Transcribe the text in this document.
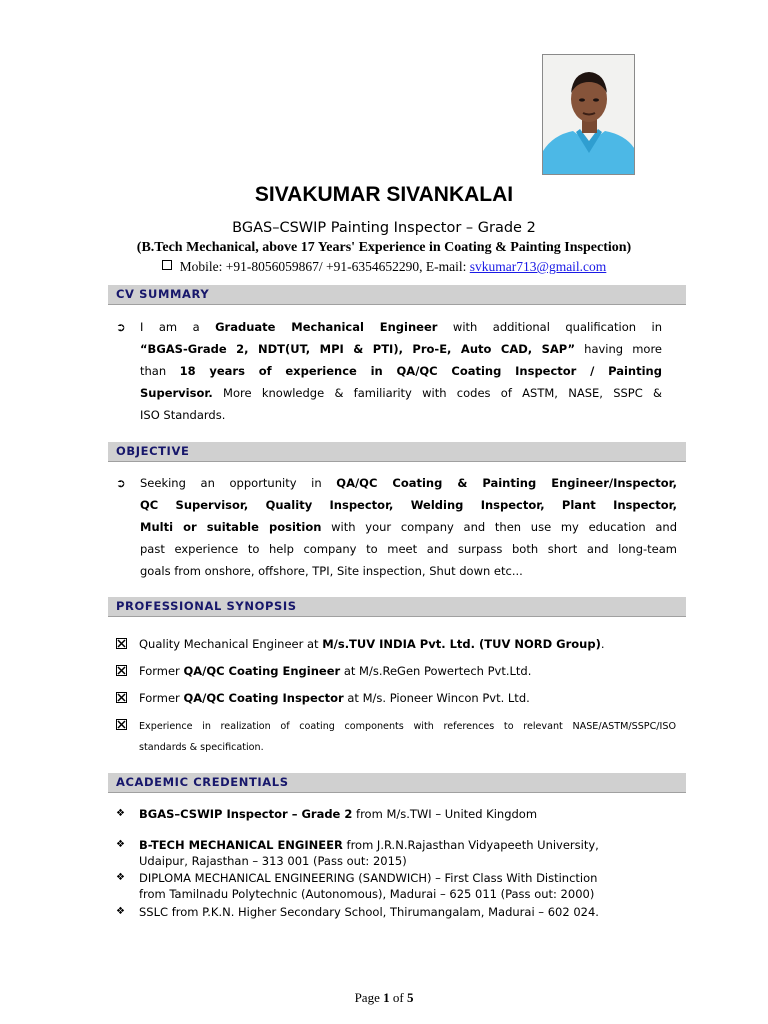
SIVAKUMAR SIVANKALAI
BGAS–CSWIP Painting Inspector – Grade 2
(B.Tech Mechanical, above 17 Years' Experience in Coating & Painting Inspection)
Mobile: +91-8056059867/ +91-6354652290, E-mail: svkumar713@gmail.com
CV SUMMARY
➲ I am a Graduate Mechanical Engineer with additional qualification in
“BGAS-Grade 2, NDT(UT, MPI & PTI), Pro-E, Auto CAD, SAP” having more
than 18 years of experience in QA/QC Coating Inspector / Painting
Supervisor. More knowledge & familiarity with codes of ASTM, NASE, SSPC &
ISO Standards.
OBJECTIVE
➲ Seeking an opportunity in QA/QC Coating & Painting Engineer/Inspector,
QC Supervisor, Quality Inspector, Welding Inspector, Plant Inspector,
Multi or suitable position with your company and then use my education and
past experience to help company to meet and surpass both short and long-team
goals from onshore, offshore, TPI, Site inspection, Shut down etc...
PROFESSIONAL SYNOPSIS
Quality Mechanical Engineer at M/s.TUV INDIA Pvt. Ltd. (TUV NORD Group).
Former QA/QC Coating Engineer at M/s.ReGen Powertech Pvt.Ltd.
Former QA/QC Coating Inspector at M/s. Pioneer Wincon Pvt. Ltd.
Experience in realization of coating components with references to relevant NASE/ASTM/SSPC/ISO
standards & specification.
ACADEMIC CREDENTIALS
❖ BGAS–CSWIP Inspector – Grade 2 from M/s.TWI – United Kingdom
❖ B-TECH MECHANICAL ENGINEER from J.R.N.Rajasthan Vidyapeeth University,
Udaipur, Rajasthan – 313 001 (Pass out: 2015)
❖ DIPLOMA MECHANICAL ENGINEERING (SANDWICH) – First Class With Distinction
from Tamilnadu Polytechnic (Autonomous), Madurai – 625 011 (Pass out: 2000)
❖ SSLC from P.K.N. Higher Secondary School, Thirumangalam, Madurai – 602 024.
Page 1 of 5
